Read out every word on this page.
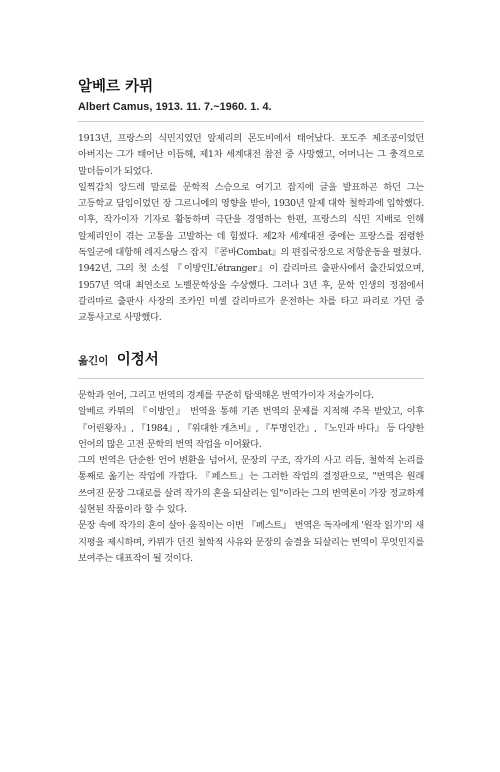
알베르 카뮈

Albert Camus, 1913. 11. 7.~1960. 1. 4.

1913년, 프랑스의 식민지였던 알제리의 몬도비에서 태어났다. 포도주 제조공이었던 아버지는 그가 태어난 이듬해, 제1차 세계대전 참전 중 사망했고, 어머니는 그 충격으로 말더듬이가 되었다.

일찍감치 앙드레 말로를 문학적 스승으로 여기고 잡지에 글을 발표하곤 하던 그는 고등학교 담임이었던 장 그르니에의 영향을 받아, 1930년 알제 대학 철학과에 입학했다. 이후, 작가이자 기자로 활동하며 극단을 경영하는 한편, 프랑스의 식민 지배로 인해 알제리인이 겪는 고통을 고발하는 데 힘썼다. 제2차 세계대전 중에는 프랑스를 점령한 독일군에 대항해 레지스탕스 잡지 『콩바Combat』의 편집국장으로 저항운동을 펼쳤다.

1942년, 그의 첫 소설 『이방인L'étranger』이 갈리마르 출판사에서 출간되었으며, 1957년 역대 최연소로 노벨문학상을 수상했다. 그러나 3년 후, 문학 인생의 정점에서 갈리마르 출판사 사장의 조카인 미셸 갈리마르가 운전하는 차를 타고 파리로 가던 중 교통사고로 사망했다.

옮긴이 이정서

문학과 언어, 그리고 번역의 경계를 꾸준히 탐색해온 번역가이자 저술가이다.

알베르 카뮈의 『이방인』 번역을 통해 기존 번역의 문제를 지적해 주목 받았고, 이후 『어린왕자』, 『1984』, 『위대한 개츠비』, 『투명인간』, 『노인과 바다』 등 다양한 언어의 많은 고전 문학의 번역 작업을 이어왔다.

그의 번역은 단순한 언어 변환을 넘어서, 문장의 구조, 작가의 사고 리듬, 철학적 논리를 통째로 옮기는 작업에 가깝다. 『페스트』는 그러한 작업의 결정판으로, "번역은 원래 쓰여진 문장 그대로를 살려 작가의 혼을 되살리는 일"이라는 그의 번역론이 가장 정교하게 실현된 작품이라 할 수 있다.

문장 속에 작가의 혼이 살아 움직이는 이번 『페스트』 번역은 독자에게 '원작 읽기'의 새 지평을 제시하며, 카뮈가 던진 철학적 사유와 문장의 숨결을 되살리는 번역이 무엇인지를 보여주는 대표작이 될 것이다.
